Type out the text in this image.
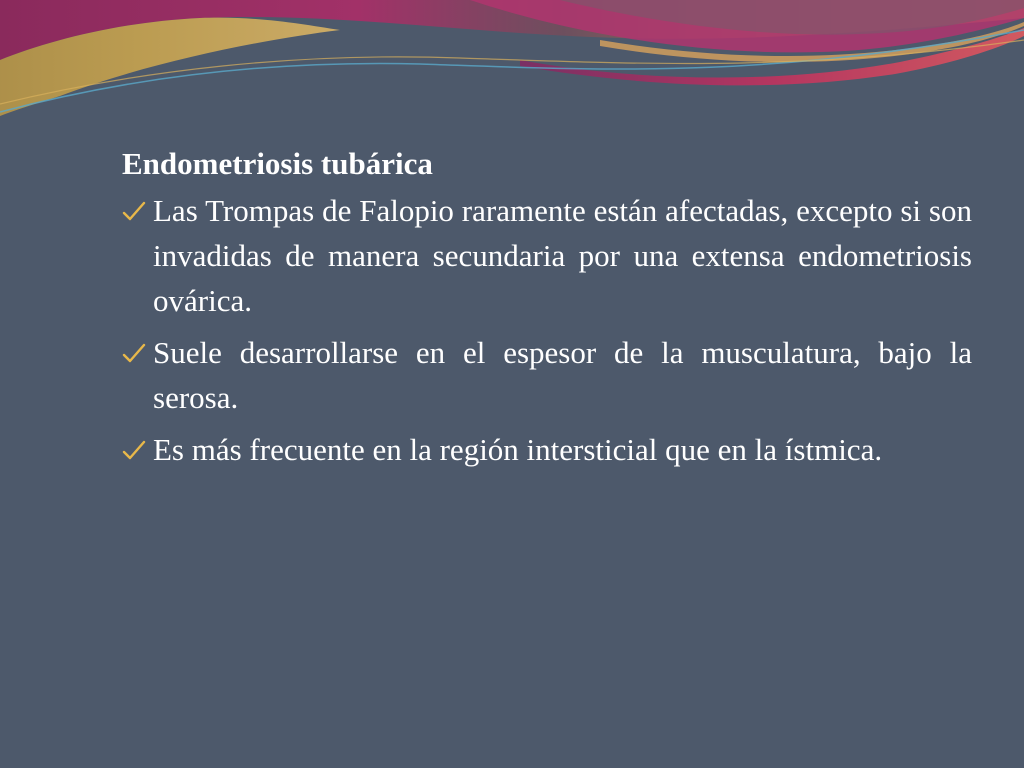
Endometriosis tubárica
Las Trompas de Falopio raramente están afectadas, excepto si son invadidas de manera secundaria por una extensa endometriosis ovárica.
Suele desarrollarse en el espesor de la musculatura, bajo la serosa.
Es más frecuente en la región intersticial que en la ístmica.
